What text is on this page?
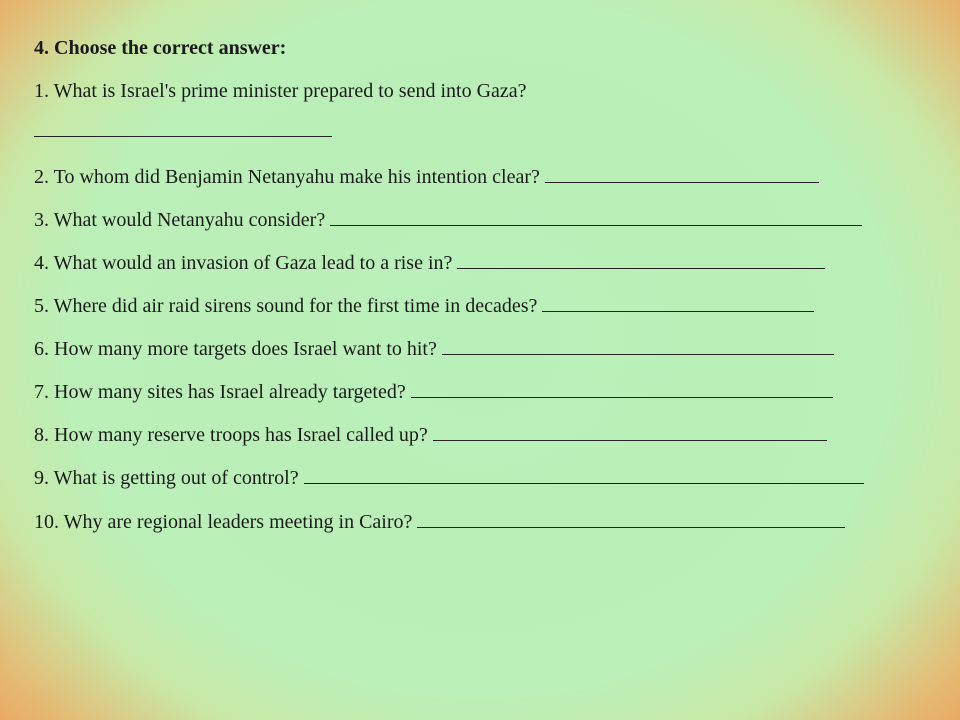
4. Choose the correct answer:
1. What is Israel's prime minister prepared to send into Gaza?
2. To whom did Benjamin Netanyahu make his intention clear?
3. What would Netanyahu consider?
4. What would an invasion of Gaza lead to a rise in?
5. Where did air raid sirens sound for the first time in decades?
6. How many more targets does Israel want to hit?
7. How many sites has Israel already targeted?
8. How many reserve troops has Israel called up?
9. What is getting out of control?
10. Why are regional leaders meeting in Cairo?
